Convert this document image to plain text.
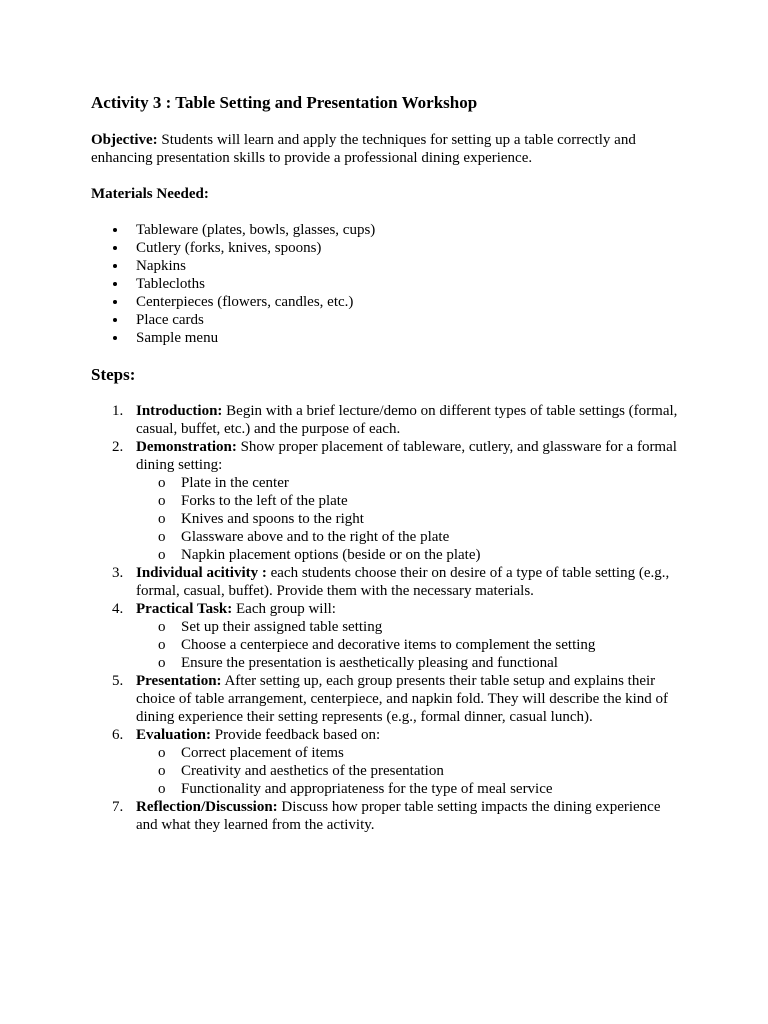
Activity 3 : Table Setting and Presentation Workshop

Objective: Students will learn and apply the techniques for setting up a table correctly and enhancing presentation skills to provide a professional dining experience.

Materials Needed:

Tableware (plates, bowls, glasses, cups)
Cutlery (forks, knives, spoons)
Napkins
Tablecloths
Centerpieces (flowers, candles, etc.)
Place cards
Sample menu
Steps:
1. Introduction: Begin with a brief lecture/demo on different types of table settings (formal, casual, buffet, etc.) and the purpose of each.
2. Demonstration: Show proper placement of tableware, cutlery, and glassware for a formal dining setting:
o Plate in the center
o Forks to the left of the plate
o Knives and spoons to the right
o Glassware above and to the right of the plate
o Napkin placement options (beside or on the plate)
3. Individual acitivity : each students choose their on desire of a type of table setting (e.g., formal, casual, buffet). Provide them with the necessary materials.
4. Practical Task: Each group will:
o Set up their assigned table setting
o Choose a centerpiece and decorative items to complement the setting
o Ensure the presentation is aesthetically pleasing and functional
5. Presentation: After setting up, each group presents their table setup and explains their choice of table arrangement, centerpiece, and napkin fold. They will describe the kind of dining experience their setting represents (e.g., formal dinner, casual lunch).
6. Evaluation: Provide feedback based on:
o Correct placement of items
o Creativity and aesthetics of the presentation
o Functionality and appropriateness for the type of meal service
7. Reflection/Discussion: Discuss how proper table setting impacts the dining experience and what they learned from the activity.
